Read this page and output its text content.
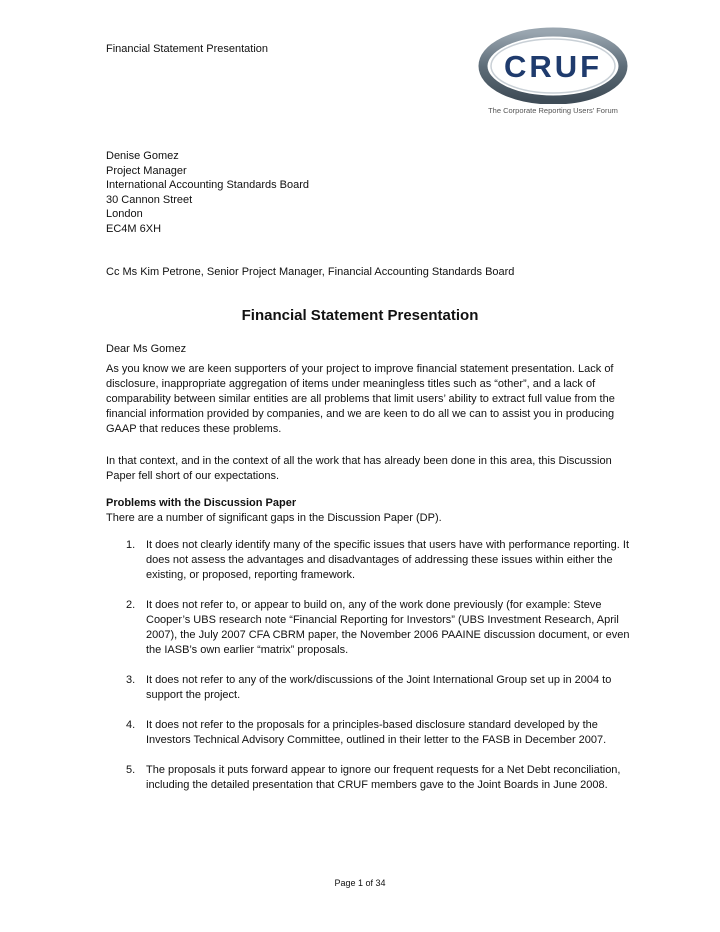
Financial Statement Presentation	CRUF
The Corporate Reporting Users' Forum
Denise Gomez
Project Manager
International Accounting Standards Board
30 Cannon Street
London
EC4M 6XH
Cc Ms Kim Petrone, Senior Project Manager, Financial Accounting Standards Board
Financial Statement Presentation
Dear Ms Gomez
As you know we are keen supporters of your project to improve financial statement presentation. Lack of disclosure, inappropriate aggregation of items under meaningless titles such as “other”, and a lack of comparability between similar entities are all problems that limit users’ ability to extract full value from the financial information provided by companies, and we are keen to do all we can to assist you in producing GAAP that reduces these problems.
In that context, and in the context of all the work that has already been done in this area, this Discussion Paper fell short of our expectations.
Problems with the Discussion Paper
There are a number of significant gaps in the Discussion Paper (DP).
1. It does not clearly identify many of the specific issues that users have with performance reporting. It does not assess the advantages and disadvantages of addressing these issues within either the existing, or proposed, reporting framework.
2. It does not refer to, or appear to build on, any of the work done previously (for example: Steve Cooper’s UBS research note “Financial Reporting for Investors” (UBS Investment Research, April 2007), the July 2007 CFA CBRM paper, the November 2006 PAAINE discussion document, or even the IASB’s own earlier “matrix” proposals.
3. It does not refer to any of the work/discussions of the Joint International Group set up in 2004 to support the project.
4. It does not refer to the proposals for a principles-based disclosure standard developed by the Investors Technical Advisory Committee, outlined in their letter to the FASB in December 2007.
5. The proposals it puts forward appear to ignore our frequent requests for a Net Debt reconciliation, including the detailed presentation that CRUF members gave to the Joint Boards in June 2008.
Page 1 of 34
